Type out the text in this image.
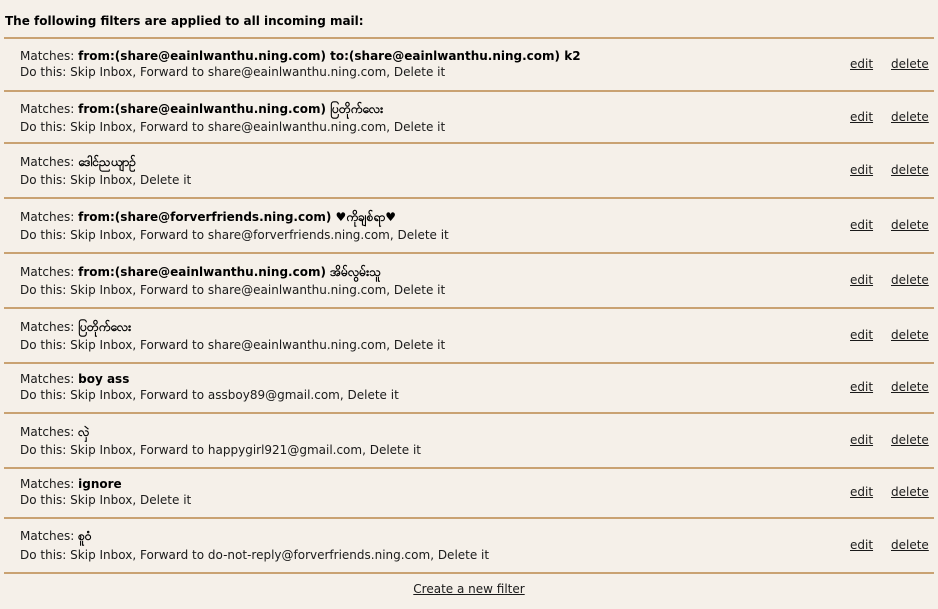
The following filters are applied to all incoming mail:
Matches: from:(share@eainlwanthu.ning.com) to:(share@eainlwanthu.ning.com) k2
Do this: Skip Inbox, Forward to share@eainlwanthu.ning.com, Delete it
edit delete
Matches: from:(share@eainlwanthu.ning.com) ပြတိုက်လေး
Do this: Skip Inbox, Forward to share@eainlwanthu.ning.com, Delete it
edit delete
Matches: ဒေါင်ညယျာဥ်
Do this: Skip Inbox, Delete it
edit delete
Matches: from:(share@forverfriends.ning.com) ♥ကိုချစ်ရာ♥
Do this: Skip Inbox, Forward to share@forverfriends.ning.com, Delete it
edit delete
Matches: from:(share@eainlwanthu.ning.com) အိမ်လွမ်းသူ
Do this: Skip Inbox, Forward to share@eainlwanthu.ning.com, Delete it
edit delete
Matches: ပြတိုက်လေး
Do this: Skip Inbox, Forward to share@eainlwanthu.ning.com, Delete it
edit delete
Matches: boy ass
Do this: Skip Inbox, Forward to assboy89@gmail.com, Delete it
edit delete
Matches: လှဲ
Do this: Skip Inbox, Forward to happygirl921@gmail.com, Delete it
edit delete
Matches: ignore
Do this: Skip Inbox, Delete it
edit delete
Matches: စူဝံ
Do this: Skip Inbox, Forward to do-not-reply@forverfriends.ning.com, Delete it
edit delete
Create a new filter
